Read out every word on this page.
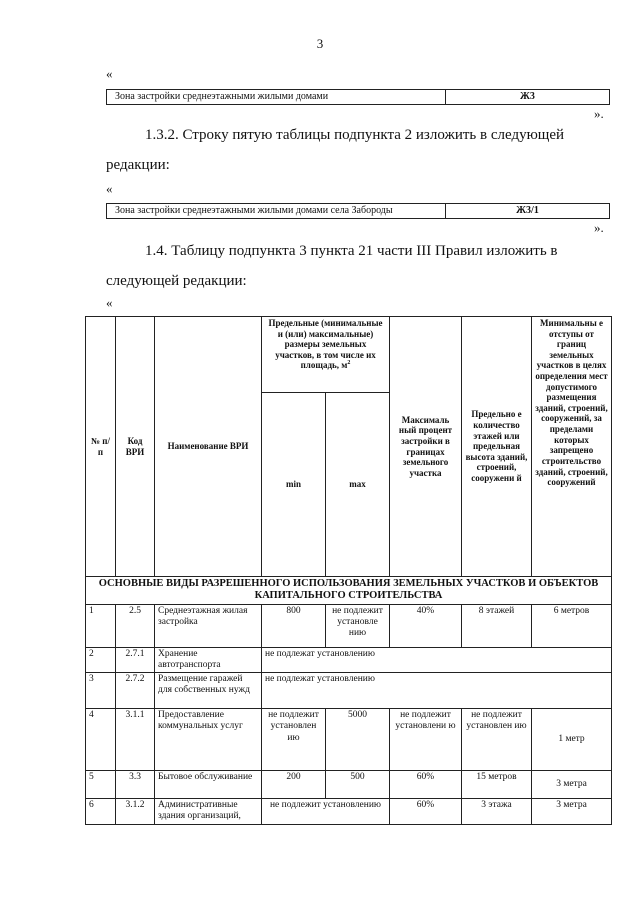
3
«
Зона застройки среднеэтажными жилыми домами	Ж3
».
1.3.2. Строку пятую таблицы подпункта 2 изложить в следующей
редакции:
«
Зона застройки среднеэтажными жилыми домами села Забороды	Ж3/1
».
1.4. Таблицу подпункта 3 пункта 21 части III Правил изложить в
следующей редакции:
«
№ п/п	Код ВРИ	Наименование ВРИ	Предельные (минимальные и (или) максимальные) размеры земельных участков, в том числе их площадь, $м^2$		Максималь ный процент застройки в границах земельного участка	Предельно е количество этажей или предельная высота зданий, строений, сооружени й	Минимальны е отступы от границ земельных участков в целях определения мест допустимого размещения зданий, строений, сооружений, за пределами которых запрещено строительство зданий, строений, сооружений
			min	max			
ОСНОВНЫЕ ВИДЫ РАЗРЕШЕННОГО ИСПОЛЬЗОВАНИЯ ЗЕМЕЛЬНЫХ УЧАСТКОВ И ОБЪЕКТОВ КАПИТАЛЬНОГО СТРОИТЕЛЬСТВА							
1	2.5	Среднеэтажная жилая застройка	800	не подлежит установле нию	40%	8 этажей	6 метров
2	2.7.1	Хранение автотранспорта	не подлежат установлению				
3	2.7.2	Размещение гаражей для собственных нужд	не подлежат установлению				
4	3.1.1	Предоставление коммунальных услуг	не подлежит установлен ию	5000	не подлежит установлени ю	не подлежит установлен ию	1 метр
5	3.3	Бытовое обслуживание	200	500	60%	15 метров	3 метра
6	3.1.2	Административные здания организаций,	не подлежит установлению		60%	3 этажа	3 метра
